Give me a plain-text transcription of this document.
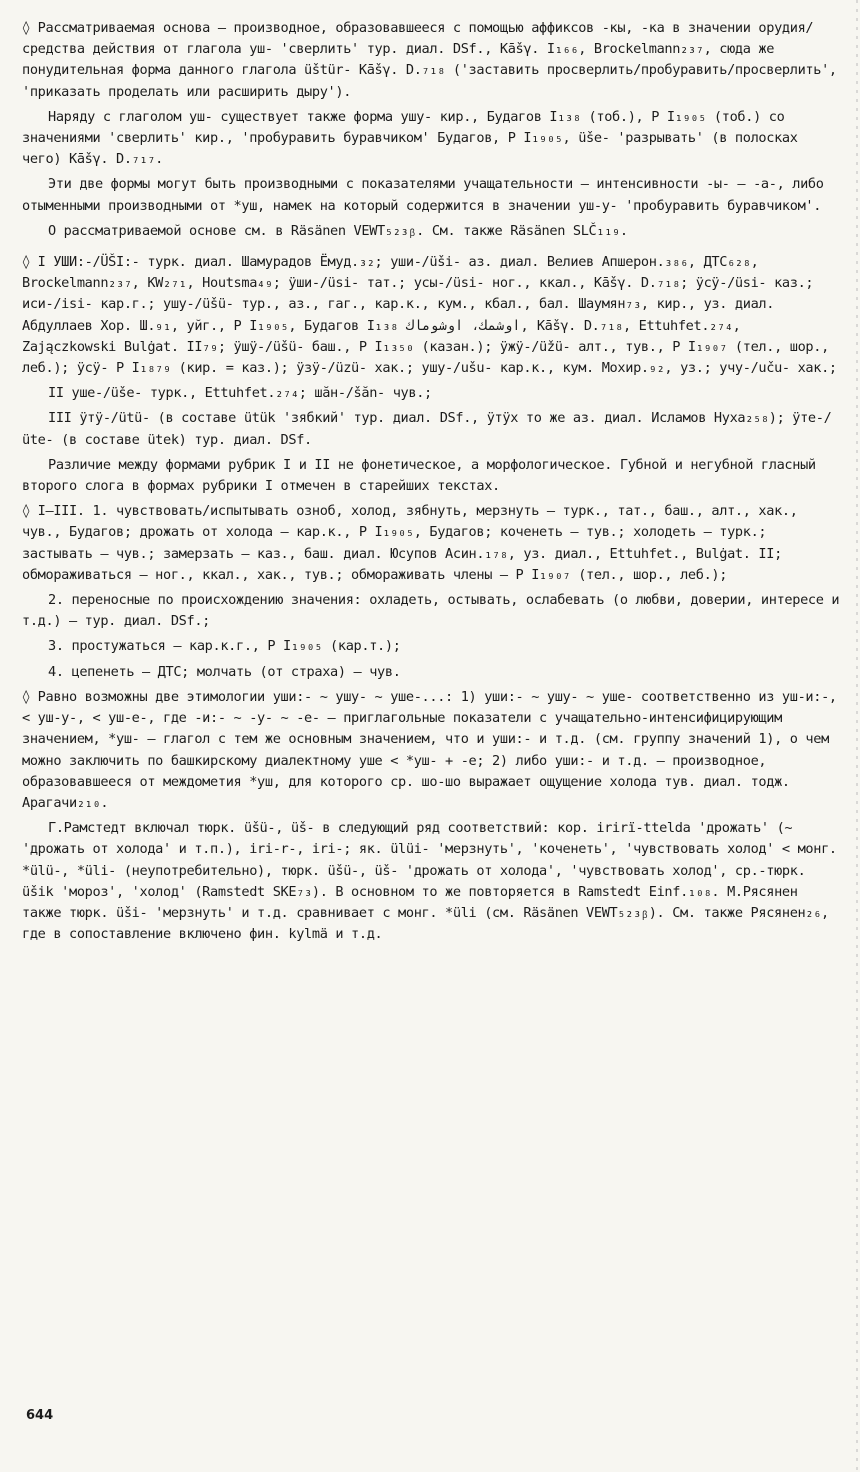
◊ Рассматриваемая основа – производное, образовавшееся с помощью аффиксов -кы, -ка в значении орудия/средства действия от глагола уш- 'сверлить' тур. диал. DSf., Kāšγ. I₁₆₆, Brockelmann₂₃₇, сюда же понудительная форма данного глагола üštür- Kāšγ. D.₇₁₈ ('заставить просверлить/пробуравить/просверлить', 'приказать проделать или расширить дыру').

Наряду с глаголом уш- существует также форма ушу- кир., Будагов I₁₃₈ (тоб.), Р I₁₉₀₅ (тоб.) со значениями 'сверлить' кир., 'пробуравить буравчиком' Будагов, Р I₁₉₀₅, üšе- 'разрывать' (в полосках чего) Kāšγ. D.₇₁₇.

Эти две формы могут быть производными с показателями учащательности – интенсивности -ы- – -а-, либо отыменными производными от *уш, намек на который содержится в значении уш-у- 'пробуравить буравчиком'.

О рассматриваемой основе см. в Räsänen VEWT₅₂₃ᵦ. См. также Räsänen SLČ₁₁₉.

◊ I УШИ:-/ÜŠI:- турк. диал. Шамурадов Ёмуд.₃₂; уши-/üši- аз. диал. Велиев Апшерон.₃₈₆, ДТС₆₂₈, Brockelmann₂₃₇, KW₂₇₁, Houtsma₄₉; ÿши-/üsi- тат.; усы-/üsi- ног., ккал., Kāšγ. D.₇₁₈; ÿсÿ-/üsi- каз.; иси-/isi- кар.г.; ушу-/üšü- тур., аз., гаг., кар.к., кум., кбал., бал. Шаумян₇₃, кир., уз. диал. Абдуллаев Хор. Ш.₉₁, уйг., Р I₁₉₀₅, Будагов I₁₃₈ اوشمك، اوشوماك, Kāšγ. D.₇₁₈, Ettuhfet.₂₇₄, Zajączkowski Bulġat. II₇₉; ÿшÿ-/üšü- баш., Р I₁₃₅₀ (казан.); ÿжÿ-/üžü- алт., тув., Р I₁₉₀₇ (тел., шор., леб.); ÿсÿ- Р I₁₈₇₉ (кир. = каз.); ÿзÿ-/üzü- хак.; ушу-/ušu- кар.к., кум. Мохир.₉₂, уз.; учу-/uču- хак.;

II уше-/üše- турк., Ettuhfet.₂₇₄; шăн-/šăn- чув.;

III ÿтÿ-/ütü- (в составе ütük 'зябкий' тур. диал. DSf., ÿтÿх то же аз. диал. Исламов Нуха₂₅₈); ÿте-/üte- (в составе ütek) тур. диал. DSf.

Различие между формами рубрик I и II не фонетическое, а морфологическое. Губной и негубной гласный второго слога в формах рубрики I отмечен в старейших текстах.

◊ I–III. 1. чувствовать/испытывать озноб, холод, зябнуть, мерзнуть – турк., тат., баш., алт., хак., чув., Будагов; дрожать от холода – кар.к., Р I₁₉₀₅, Будагов; коченеть – тув.; холодеть – турк.; застывать – чув.; замерзать – каз., баш. диал. Юсупов Асин.₁₇₈, уз. диал., Ettuhfet., Bulġat. II; обмораживаться – ног., ккал., хак., тув.; обмораживать члены – Р I₁₉₀₇ (тел., шор., леб.);

2. переносные по происхождению значения: охладеть, остывать, ослабевать (о любви, доверии, интересе и т.д.) – тур. диал. DSf.;

3. простужаться – кар.к.г., Р I₁₉₀₅ (кар.т.);

4. цепенеть – ДТС; молчать (от страха) – чув.

◊ Равно возможны две этимологии уши:- ~ ушу- ~ уше-...: 1) уши:- ~ ушу- ~ уше- соответственно из уш-и:-, < уш-у-, < уш-е-, где -и:- ~ -у- ~ -е- – приглагольные показатели с учащательно-интенсифицирующим значением, *уш- – глагол с тем же основным значением, что и уши:- и т.д. (см. группу значений 1), о чем можно заключить по башкирскому диалектному уше < *уш- + -е; 2) либо уши:- и т.д. – производное, образовавшееся от междометия *уш, для которого ср. шо-шо выражает ощущение холода тув. диал. тодж. Арагачи₂₁₀.

Г.Рамстедт включал тюрк. üšü-, üš- в следующий ряд соответствий: кор. irirï-ttelda 'дрожать' (~ 'дрожать от холода' и т.п.), iri-r-, iri-; як. ülüi- 'мерзнуть', 'коченеть', 'чувствовать холод' < монг. *ülü-, *üli- (неупотребительно), тюрк. üšü-, üš- 'дрожать от холода', 'чувствовать холод', ср.-тюрк. üšik 'мороз', 'холод' (Ramstedt SKE₇₃). В основном то же повторяется в Ramstedt Einf.₁₀₈. М.Рясянен также тюрк. üši- 'мерзнуть' и т.д. сравнивает с монг. *üli (см. Räsänen VEWT₅₂₃ᵦ). См. также Рясянен₂₆, где в сопоставление включено фин. kylmä и т.д.

644
